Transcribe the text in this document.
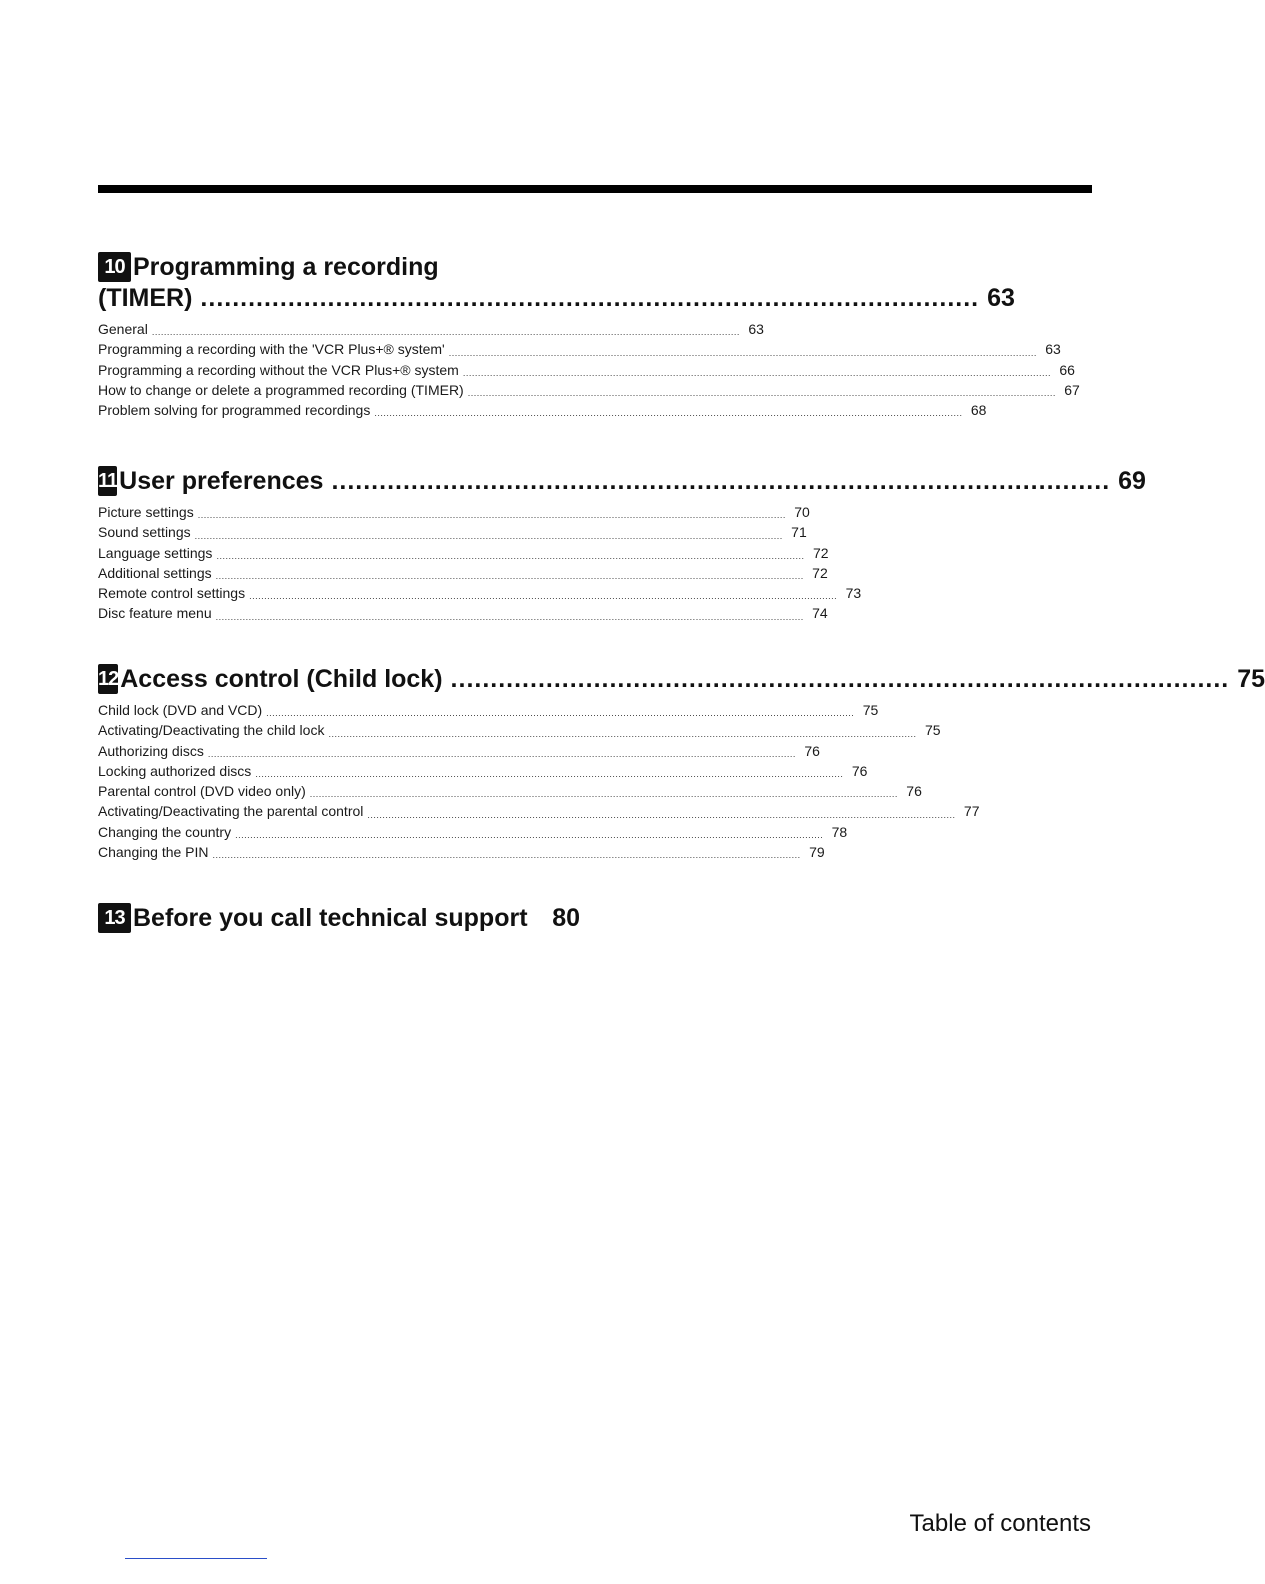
10 Programming a recording
(TIMER) .................................................................................................. 63
General .................................................................................................................................................................................................... 63
Programming a recording with the 'VCR Plus+® system' .................................................................................................................................................................................................... 63
Programming a recording without the VCR Plus+® system .................................................................................................................................................................................................... 66
How to change or delete a programmed recording (TIMER) .................................................................................................................................................................................................... 67
Problem solving for programmed recordings .................................................................................................................................................................................................... 68
11 User preferences .................................................................................................. 69
Picture settings .................................................................................................................................................................................................... 70
Sound settings .................................................................................................................................................................................................... 71
Language settings .................................................................................................................................................................................................... 72
Additional settings .................................................................................................................................................................................................... 72
Remote control settings .................................................................................................................................................................................................... 73
Disc feature menu .................................................................................................................................................................................................... 74
12 Access control (Child lock) .................................................................................................. 75
Child lock (DVD and VCD) .................................................................................................................................................................................................... 75
Activating/Deactivating the child lock .................................................................................................................................................................................................... 75
Authorizing discs .................................................................................................................................................................................................... 76
Locking authorized discs .................................................................................................................................................................................................... 76
Parental control (DVD video only) .................................................................................................................................................................................................... 76
Activating/Deactivating the parental control .................................................................................................................................................................................................... 77
Changing the country .................................................................................................................................................................................................... 78
Changing the PIN .................................................................................................................................................................................................... 79
13 Before you call technical support 80
Table of contents
